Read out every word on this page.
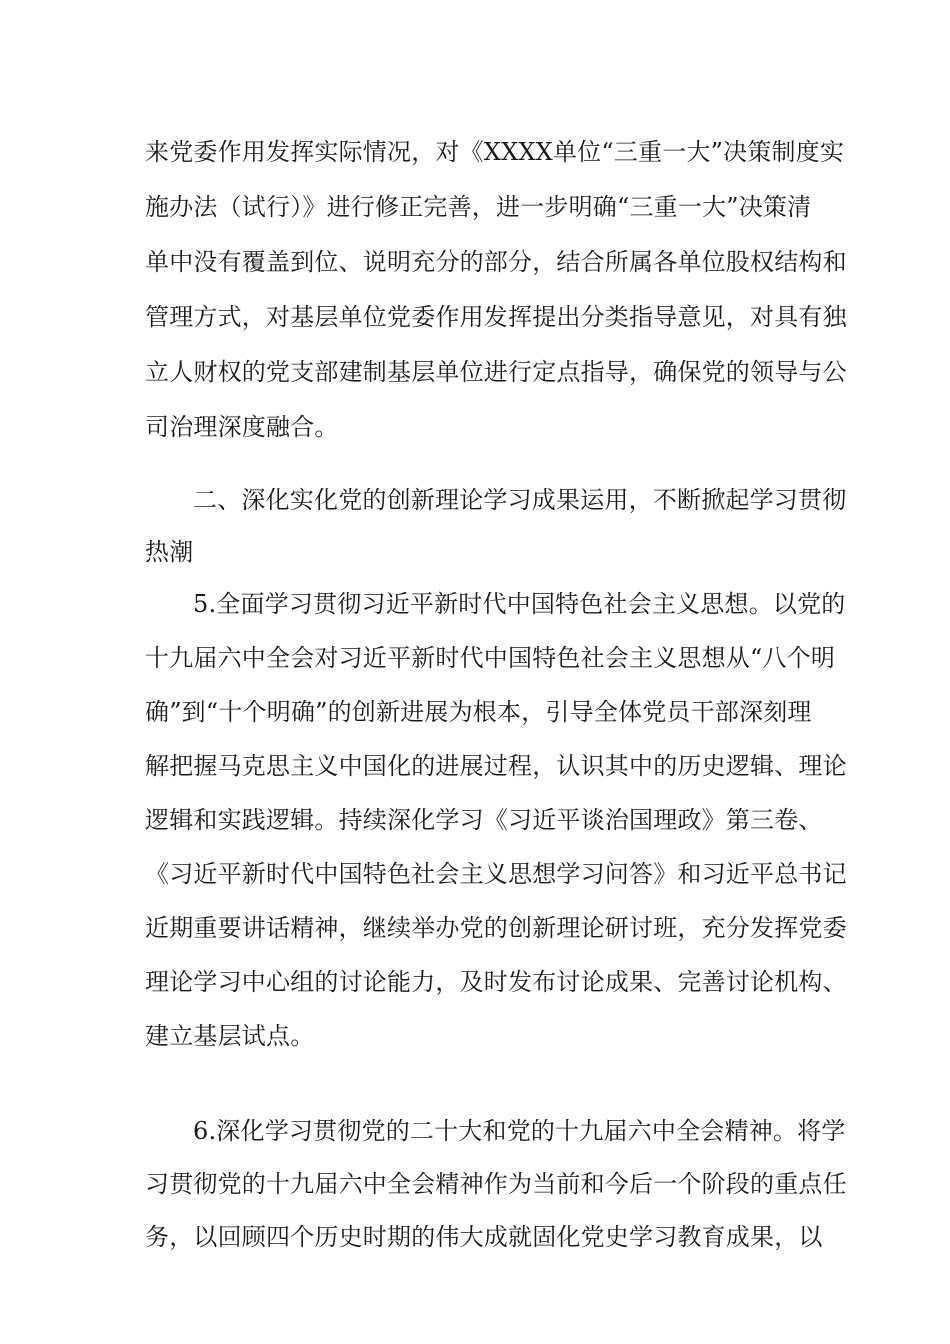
来党委作用发挥实际情况，对《XXXX单位“三重一大”决策制度实
施办法（试行）》进行修正完善，进一步明确“三重一大”决策清
单中没有覆盖到位、说明充分的部分，结合所属各单位股权结构和
管理方式，对基层单位党委作用发挥提出分类指导意见，对具有独
立人财权的党支部建制基层单位进行定点指导，确保党的领导与公
司治理深度融合。
二、深化实化党的创新理论学习成果运用，不断掀起学习贯彻
热潮
5.全面学习贯彻习近平新时代中国特色社会主义思想。以党的
十九届六中全会对习近平新时代中国特色社会主义思想从“八个明
确”到“十个明确”的创新进展为根本，引导全体党员干部深刻理
解把握马克思主义中国化的进展过程，认识其中的历史逻辑、理论
逻辑和实践逻辑。持续深化学习《习近平谈治国理政》第三卷、
《习近平新时代中国特色社会主义思想学习问答》和习近平总书记
近期重要讲话精神，继续举办党的创新理论研讨班，充分发挥党委
理论学习中心组的讨论能力，及时发布讨论成果、完善讨论机构、
建立基层试点。
6.深化学习贯彻党的二十大和党的十九届六中全会精神。将学
习贯彻党的十九届六中全会精神作为当前和今后一个阶段的重点任
务，以回顾四个历史时期的伟大成就固化党史学习教育成果，以
